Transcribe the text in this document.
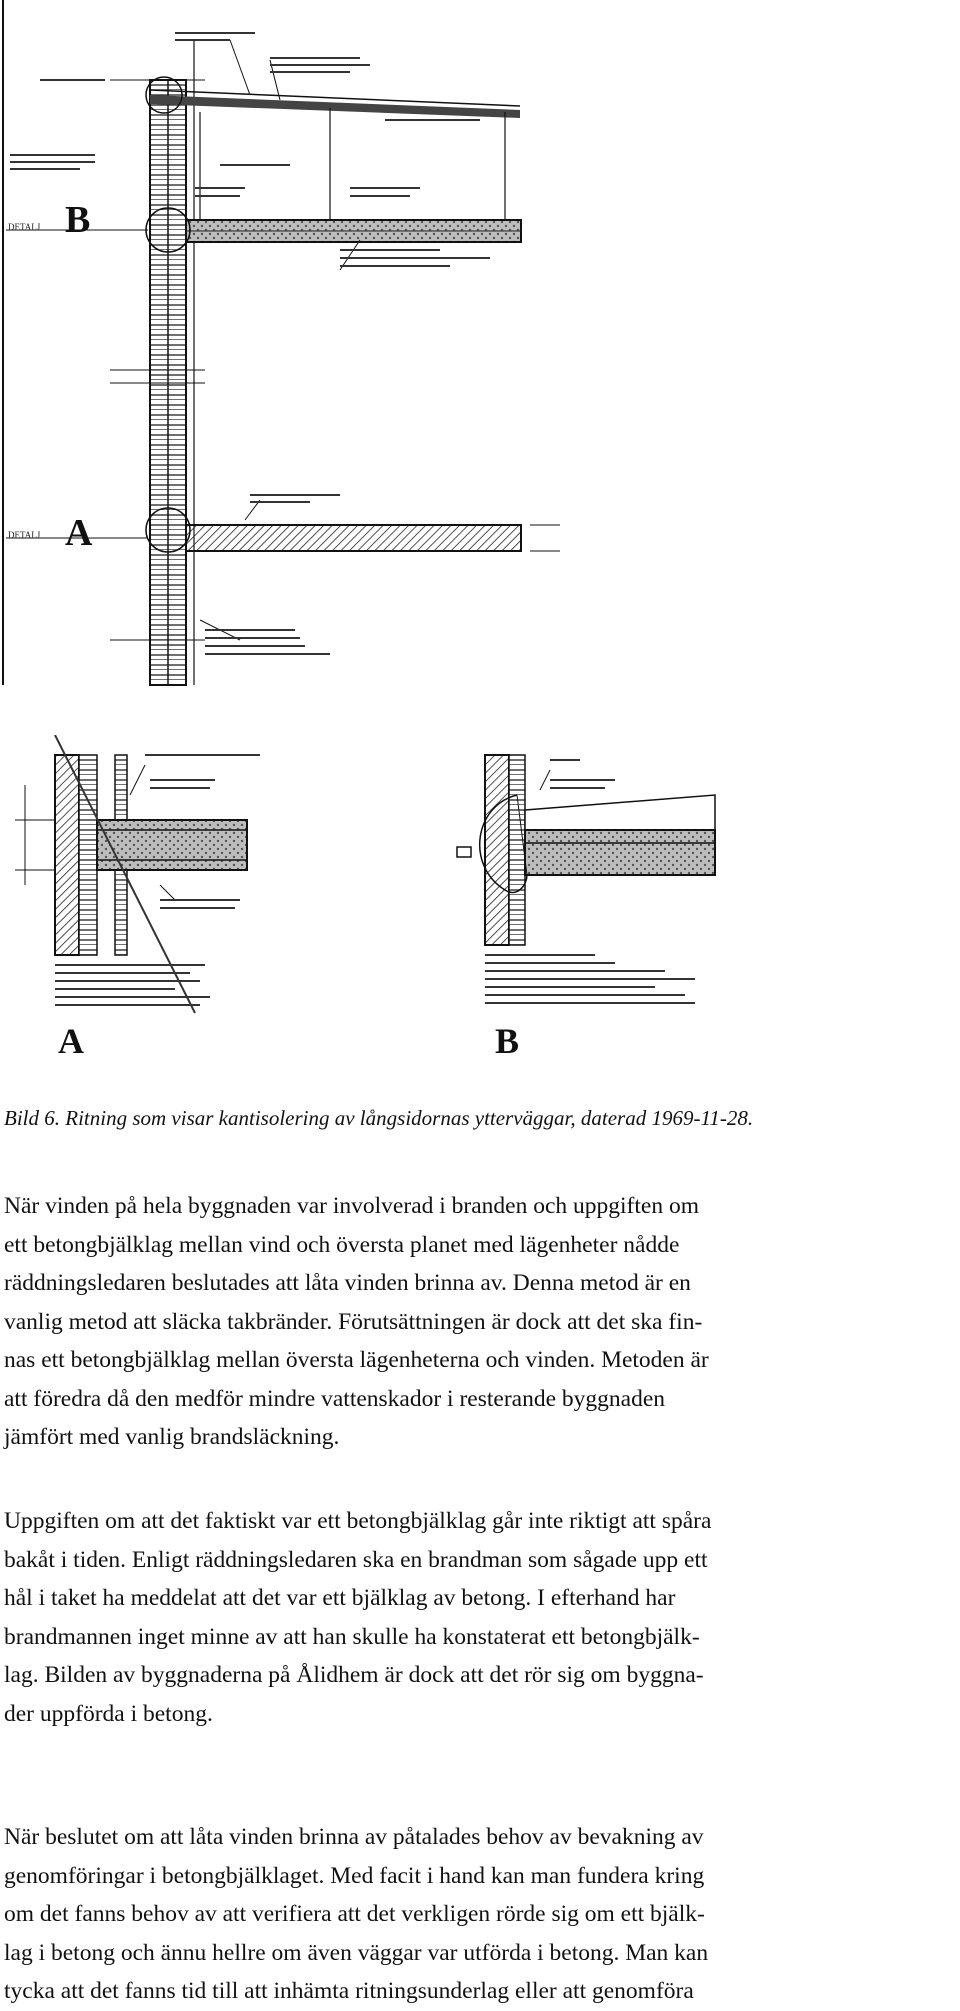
B
A
DETALJ
DETALJ
A	B
Bild 6. Ritning som visar kantisolering av långsidornas ytterväggar, daterad 1969-11-28.

När vinden på hela byggnaden var involverad i branden och uppgiften om
ett betongbjälklag mellan vind och översta planet med lägenheter nådde
räddningsledaren beslutades att låta vinden brinna av. Denna metod är en
vanlig metod att släcka takbränder. Förutsättningen är dock att det ska fin-
nas ett betongbjälklag mellan översta lägenheterna och vinden. Metoden är
att föredra då den medför mindre vattenskador i resterande byggnaden
jämfört med vanlig brandsläckning.

Uppgiften om att det faktiskt var ett betongbjälklag går inte riktigt att spåra
bakåt i tiden. Enligt räddningsledaren ska en brandman som sågade upp ett
hål i taket ha meddelat att det var ett bjälklag av betong. I efterhand har
brandmannen inget minne av att han skulle ha konstaterat ett betongbjälk-
lag. Bilden av byggnaderna på Ålidhem är dock att det rör sig om byggna-
der uppförda i betong.

När beslutet om att låta vinden brinna av påtalades behov av bevakning av
genomföringar i betongbjälklaget. Med facit i hand kan man fundera kring
om det fanns behov av att verifiera att det verkligen rörde sig om ett bjälk-
lag i betong och ännu hellre om även väggar var utförda i betong. Man kan
tycka att det fanns tid till att inhämta ritningsunderlag eller att genomföra
